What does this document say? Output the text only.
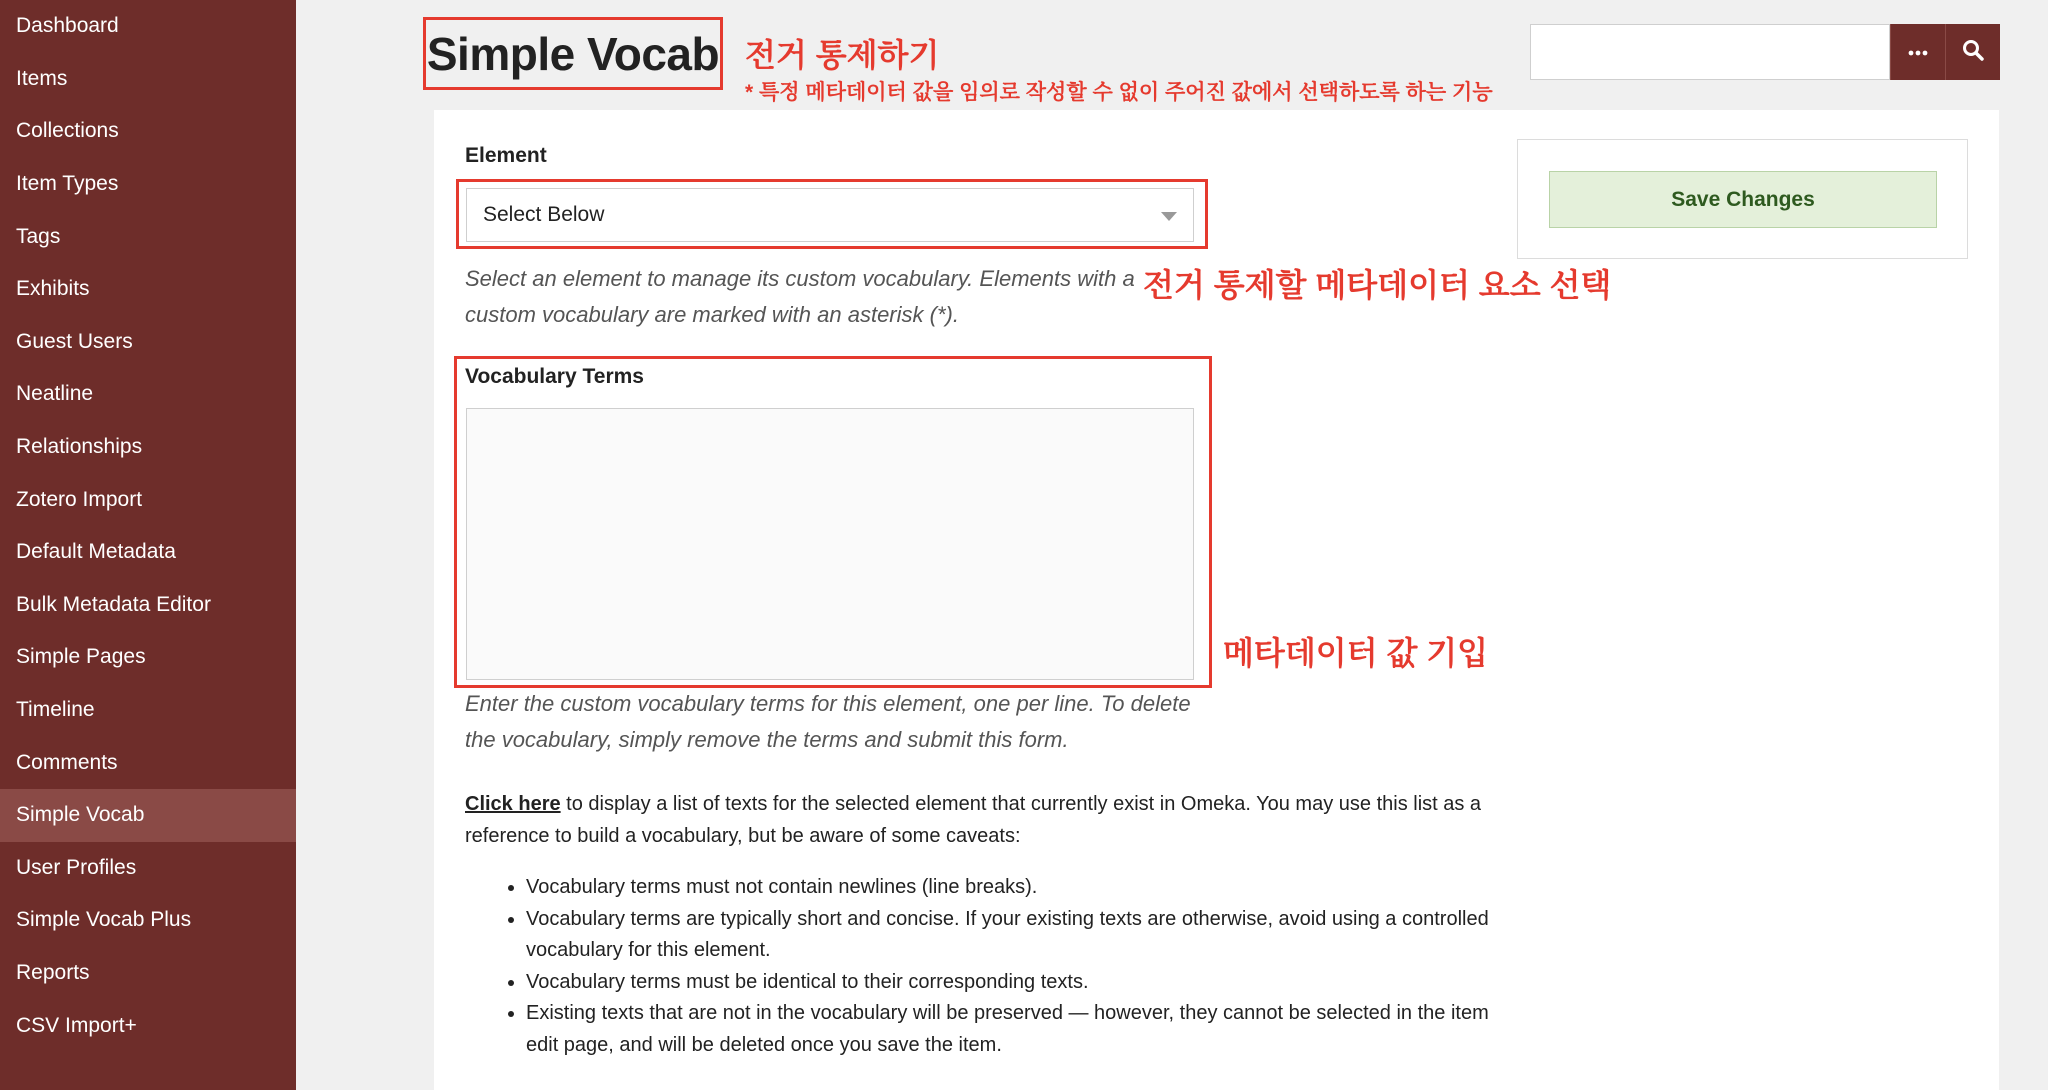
Dashboard
Items
Collections
Item Types
Tags
Exhibits
Guest Users
Neatline
Relationships
Zotero Import
Default Metadata
Bulk Metadata Editor
Simple Pages
Timeline
Comments
Simple Vocab
User Profiles
Simple Vocab Plus
Reports
CSV Import+
Simple Vocab 전거 통제하기
* 특정 메타데이터 값을 임의로 작성할 수 없이 주어진 값에서 선택하도록 하는 기능
Element
Select Below

Select an element to manage its custom vocabulary. Elements with a custom vocabulary are marked with an asterisk (*).

전거 통제할 메타데이터 요소 선택
Vocabulary Terms
메타데이터 값 기입

Enter the custom vocabulary terms for this element, one per line. To delete the vocabulary, simply remove the terms and submit this form.

Click here to display a list of texts for the selected element that currently exist in Omeka. You may use this list as a reference to build a vocabulary, but be aware of some caveats:

• Vocabulary terms must not contain newlines (line breaks).
• Vocabulary terms are typically short and concise. If your existing texts are otherwise, avoid using a controlled vocabulary for this element.
• Vocabulary terms must be identical to their corresponding texts.
• Existing texts that are not in the vocabulary will be preserved — however, they cannot be selected in the item edit page, and will be deleted once you save the item.
Save Changes
